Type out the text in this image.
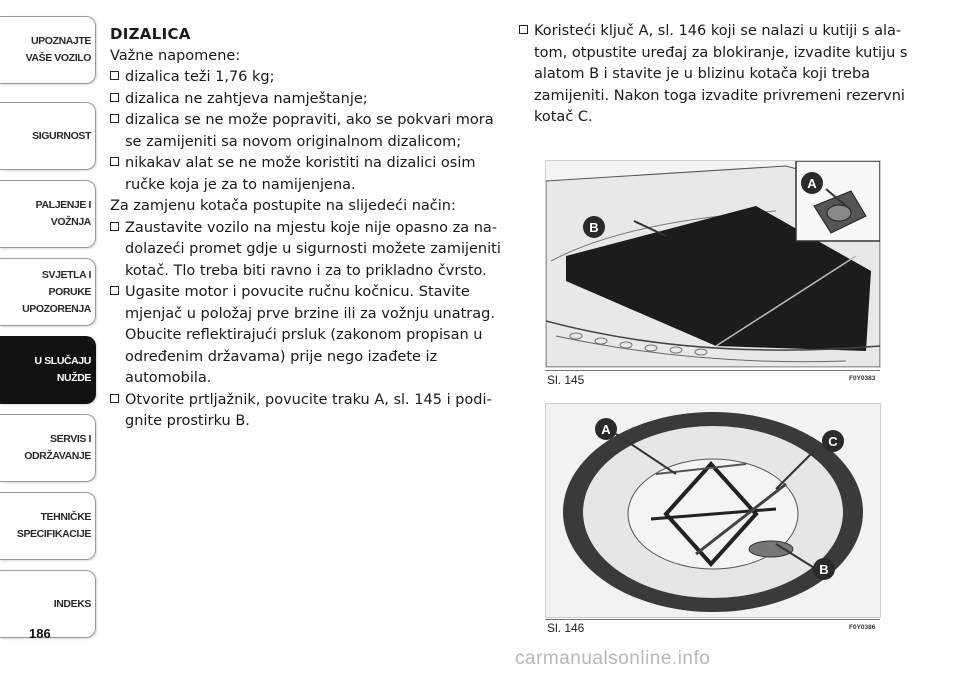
UPOZNAJTE
VAŠE VOZILO
SIGURNOST
PALJENJE I
VOŽNJA
SVJETLA I PORUKE
UPOZORENJA
U SLUČAJU
NUŽDE
SERVIS I
ODRŽAVANJE
TEHNIČKE
SPECIFIKACIJE
INDEKS
186

DIZALICA

Važne napomene:

dizalica teži 1,76 kg;

dizalica ne zahtjeva namještanje;

dizalica se ne može popraviti, ako se pokvari mora se zamijeniti sa novom originalnom dizalicom;

nikakav alat se ne može koristiti na dizalici osim ručke koja je za to namijenjena.

Za zamjenu kotača postupite na slijedeći način:

Zaustavite vozilo na mjestu koje nije opasno za na- dolazeći promet gdje u sigurnosti možete zamijeniti kotač. Tlo treba biti ravno i za to prikladno čvrsto.

Ugasite motor i povucite ručnu kočnicu. Stavite mjenjač u položaj prve brzine ili za vožnju unatrag. Obucite reflektirajući prsluk (zakonom propisan u određenim državama) prije nego izađete iz automobila.

Otvorite prtljažnik, povucite traku A, sl. 145 i podi- gnite prostirku B.

Koristeći ključ A, sl. 146 koji se nalazi u kutiji s ala- tom, otpustite uređaj za blokiranje, izvadite kutiju s alatom B i stavite je u blizinu kotača koji treba zamijeniti. Nakon toga izvadite privremeni rezervni kotač C.

B
A
Sl. 145	F0Y0383
A
C
B
Sl. 146	F0Y0386
carmanualsonline.info
